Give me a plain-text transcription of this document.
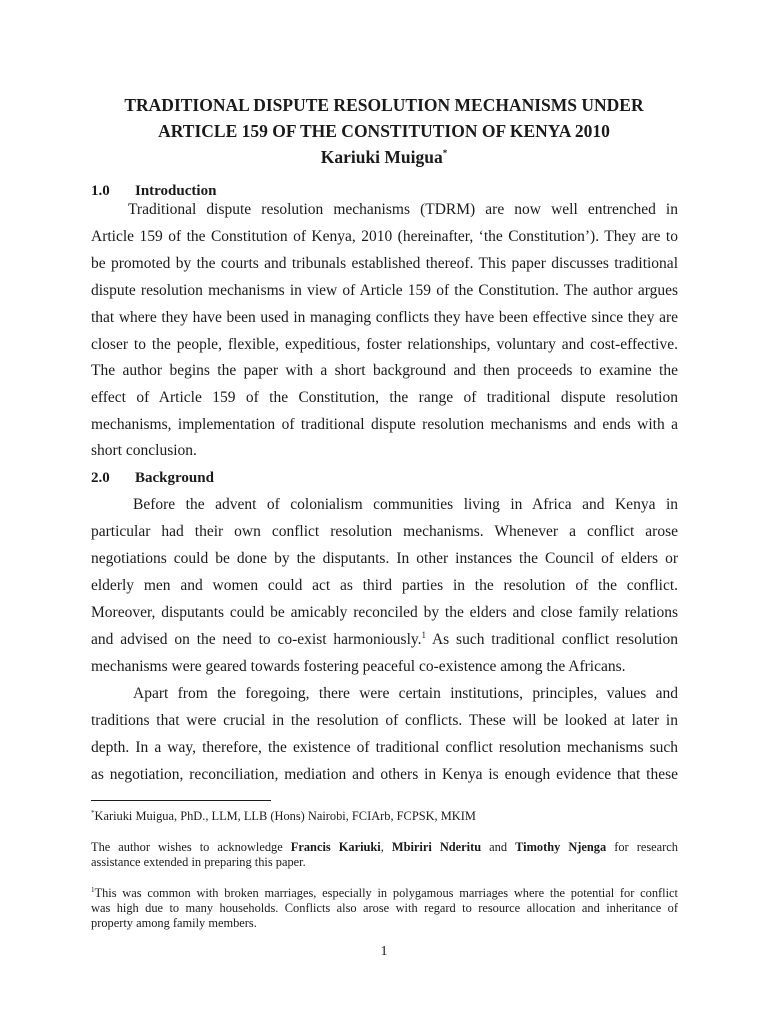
TRADITIONAL DISPUTE RESOLUTION MECHANISMS UNDER
ARTICLE 159 OF THE CONSTITUTION OF KENYA 2010
Kariuki Muigua*
1.0 Introduction
Traditional dispute resolution mechanisms (TDRM) are now well entrenched in
Article 159 of the Constitution of Kenya, 2010 (hereinafter, ‘the Constitution’). They are to
be promoted by the courts and tribunals established thereof. This paper discusses traditional
dispute resolution mechanisms in view of Article 159 of the Constitution. The author argues
that where they have been used in managing conflicts they have been effective since they are
closer to the people, flexible, expeditious, foster relationships, voluntary and cost-effective.
The author begins the paper with a short background and then proceeds to examine the
effect of Article 159 of the Constitution, the range of traditional dispute resolution
mechanisms, implementation of traditional dispute resolution mechanisms and ends with a
short conclusion.
2.0 Background
Before the advent of colonialism communities living in Africa and Kenya in
particular had their own conflict resolution mechanisms. Whenever a conflict arose
negotiations could be done by the disputants. In other instances the Council of elders or
elderly men and women could act as third parties in the resolution of the conflict.
Moreover, disputants could be amicably reconciled by the elders and close family relations
and advised on the need to co-exist harmoniously.$^1$ As such traditional conflict resolution
mechanisms were geared towards fostering peaceful co-existence among the Africans.
Apart from the foregoing, there were certain institutions, principles, values and
traditions that were crucial in the resolution of conflicts. These will be looked at later in
depth. In a way, therefore, the existence of traditional conflict resolution mechanisms such
as negotiation, reconciliation, mediation and others in Kenya is enough evidence that these
*Kariuki Muigua, PhD., LLM, LLB (Hons) Nairobi, FCIArb, FCPSK, MKIM
The author wishes to acknowledge Francis Kariuki, Mbiriri Nderitu and Timothy Njenga for research
assistance extended in preparing this paper.
$^1$This was common with broken marriages, especially in polygamous marriages where the potential for conflict
was high due to many households. Conflicts also arose with regard to resource allocation and inheritance of
property among family members.
1
